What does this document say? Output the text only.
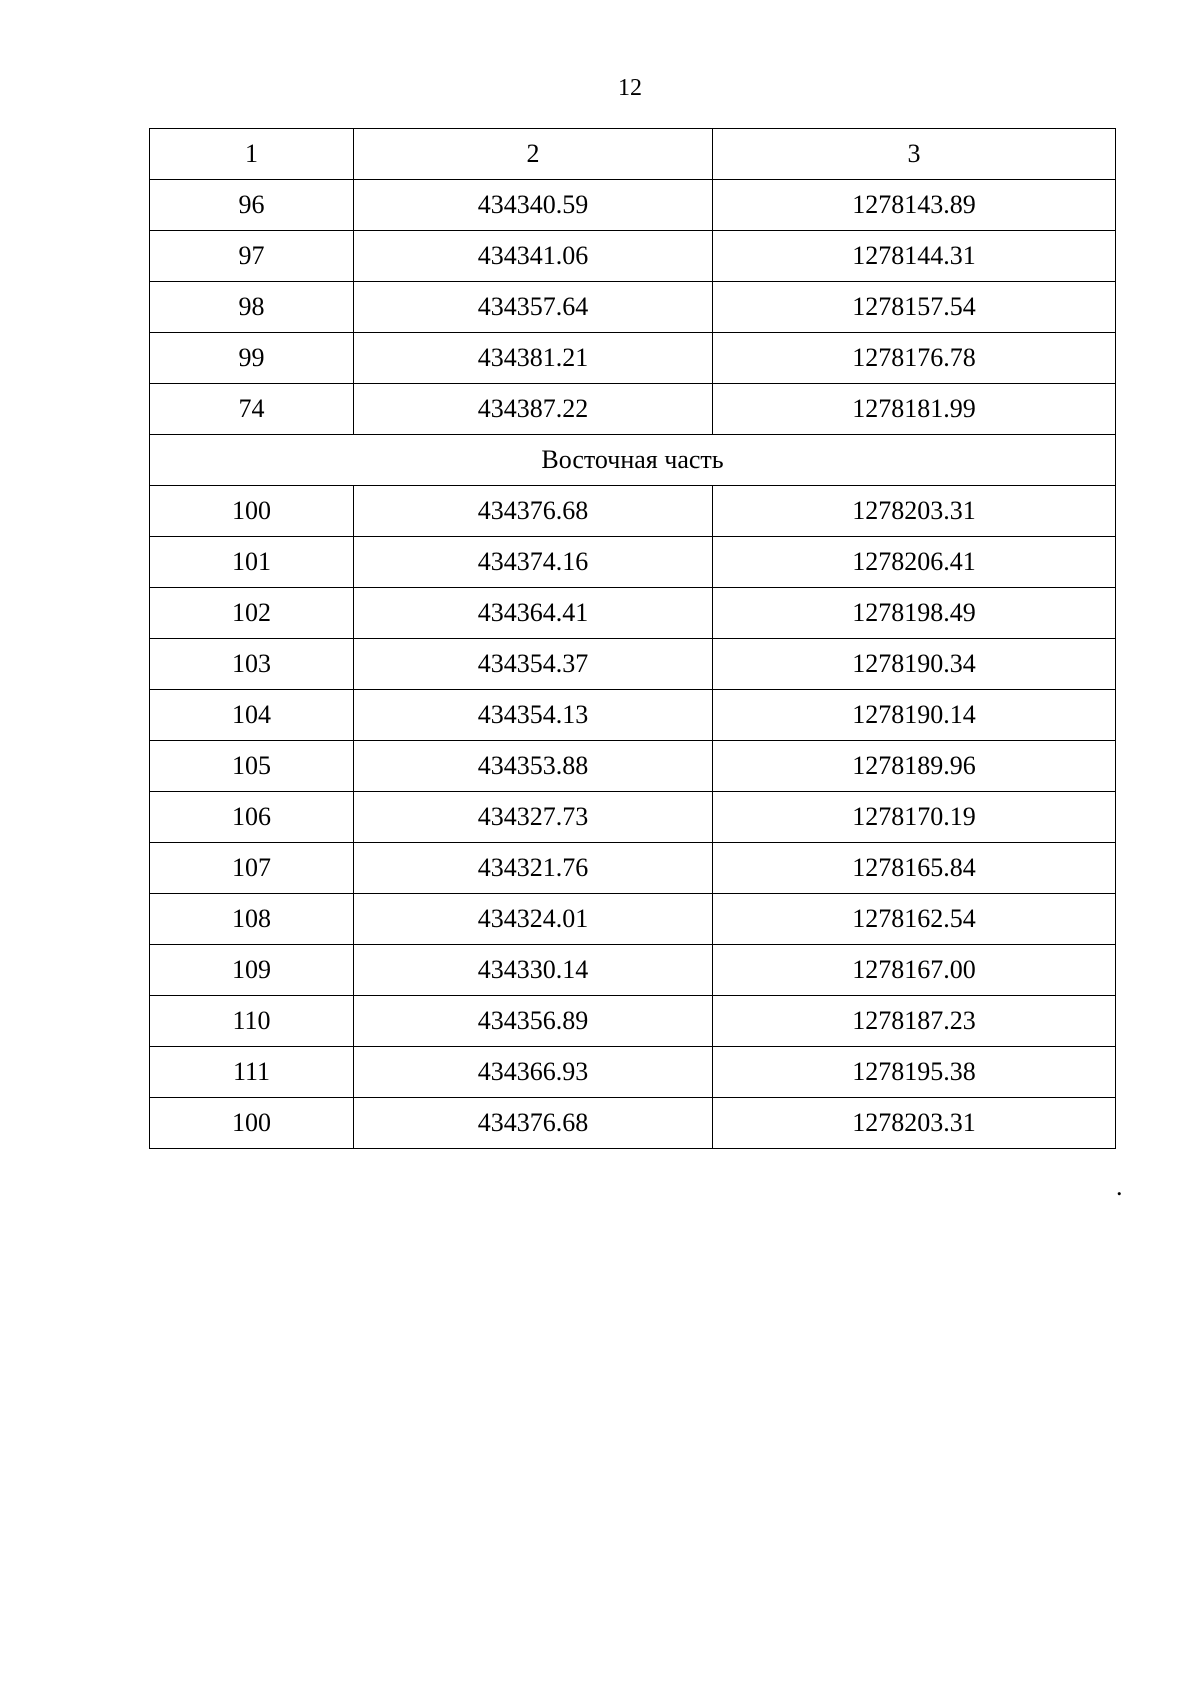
12
1	2	3
96	434340.59	1278143.89
97	434341.06	1278144.31
98	434357.64	1278157.54
99	434381.21	1278176.78
74	434387.22	1278181.99
Восточная часть		
100	434376.68	1278203.31
101	434374.16	1278206.41
102	434364.41	1278198.49
103	434354.37	1278190.34
104	434354.13	1278190.14
105	434353.88	1278189.96
106	434327.73	1278170.19
107	434321.76	1278165.84
108	434324.01	1278162.54
109	434330.14	1278167.00
110	434356.89	1278187.23
111	434366.93	1278195.38
100	434376.68	1278203.31
.
